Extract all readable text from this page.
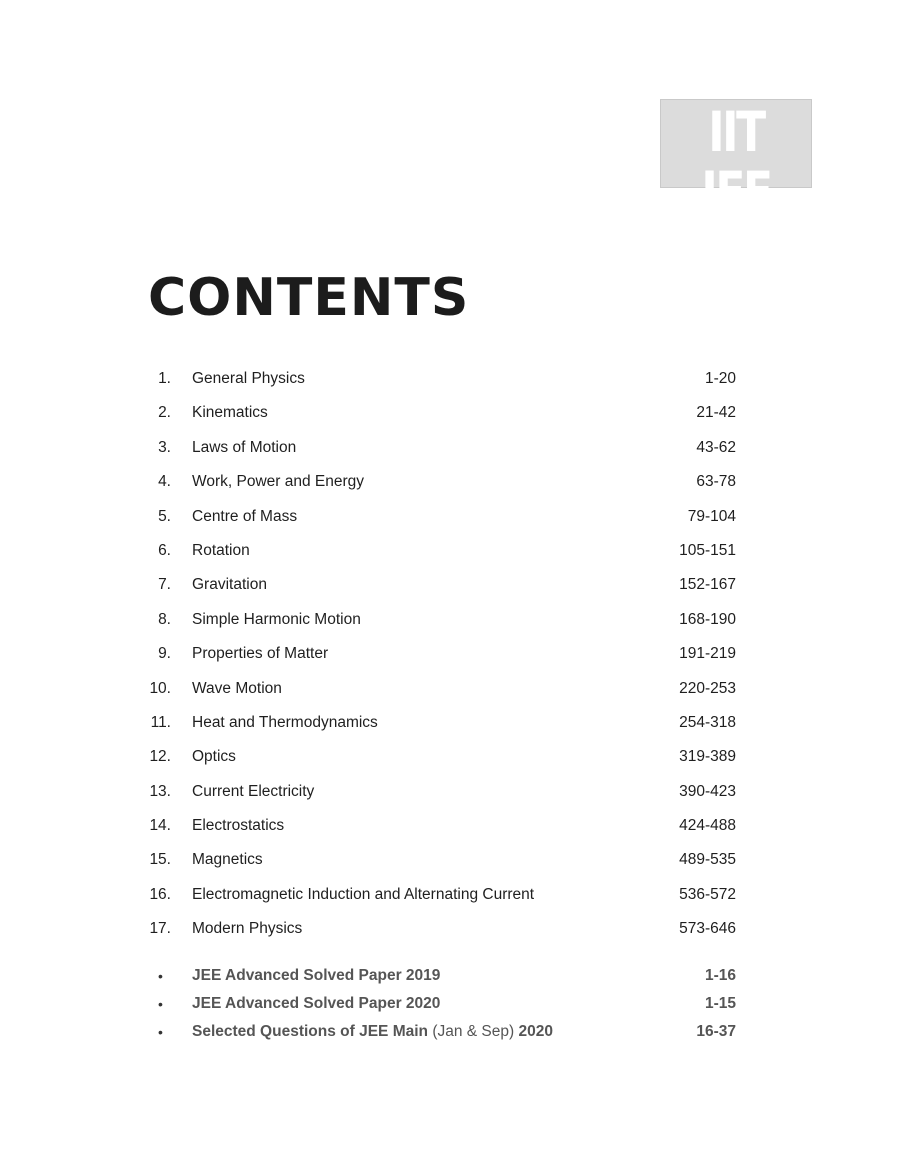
IIT JEE
JEE Main & Advanced
CONTENTS
1. General Physics	1-20
2. Kinematics	21-42
3. Laws of Motion	43-62
4. Work, Power and Energy	63-78
5. Centre of Mass	79-104
6. Rotation	105-151
7. Gravitation	152-167
8. Simple Harmonic Motion	168-190
9. Properties of Matter	191-219
10. Wave Motion	220-253
11. Heat and Thermodynamics	254-318
12. Optics	319-389
13. Current Electricity	390-423
14. Electrostatics	424-488
15. Magnetics	489-535
16. Electromagnetic Induction and Alternating Current	536-572
17. Modern Physics	573-646
• JEE Advanced Solved Paper 2019	1-16
• JEE Advanced Solved Paper 2020	1-15
• Selected Questions of JEE Main (Jan & Sep) 2020	16-37
